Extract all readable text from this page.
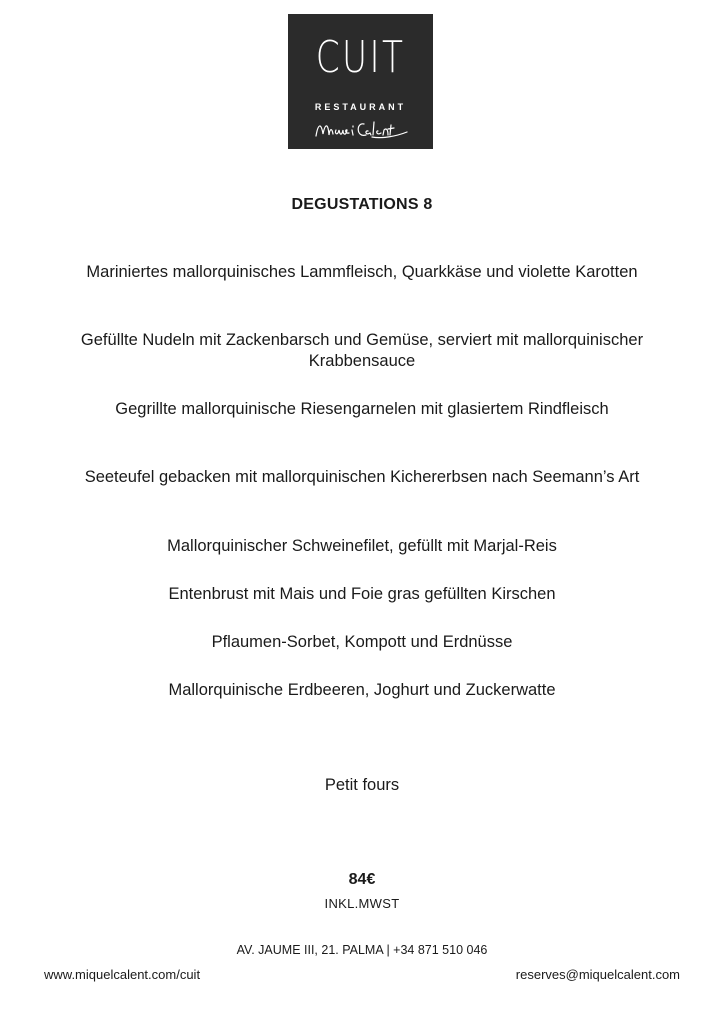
CUIT
RESTAURANT
DEGUSTATIONS 8
Mariniertes mallorquinisches Lammfleisch, Quarkkäse und violette Karotten
Gefüllte Nudeln mit Zackenbarsch und Gemüse, serviert mit mallorquinischer Krabbensauce
Gegrillte mallorquinische Riesengarnelen mit glasiertem Rindfleisch
Seeteufel gebacken mit mallorquinischen Kichererbsen nach Seemann’s Art
Mallorquinischer Schweinefilet, gefüllt mit Marjal-Reis
Entenbrust mit Mais und Foie gras gefüllten Kirschen
Pflaumen-Sorbet, Kompott und Erdnüsse
Mallorquinische Erdbeeren, Joghurt und Zuckerwatte
Petit fours
84€
INKL.MWST
AV. JAUME III, 21. PALMA | +34 871 510 046
www.miquelcalent.com/cuit	reserves@miquelcalent.com
